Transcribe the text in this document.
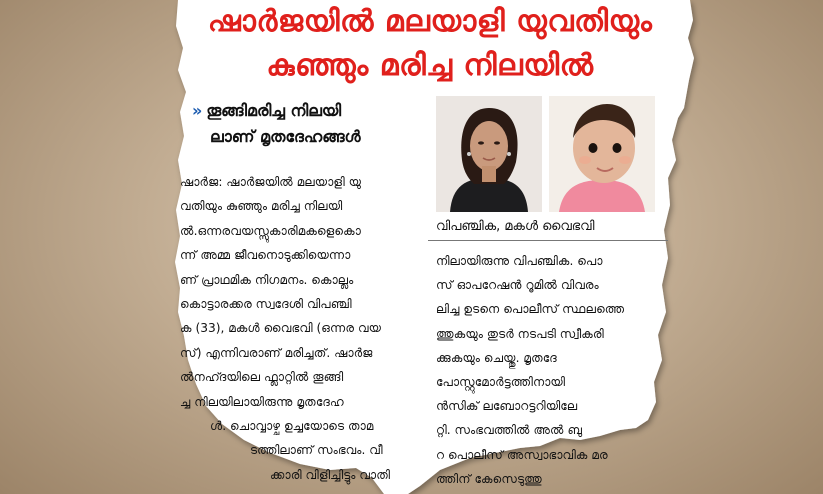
ഷാർജയിൽ മലയാളി യുവതിയും
കുഞ്ഞും മരിച്ച നിലയിൽ
» തൂങ്ങിമരിച്ച നിലയി
ലാണ് മൃതദേഹങ്ങൾ
ഷാർജ: ഷാർജയിൽ മലയാളി യു
വതിയും കുഞ്ഞും മരിച്ച നിലയി
ൽ.ഒന്നരവയസ്സുകാരിമകളെകൊ
ന്ന് അമ്മ ജീവനൊടുക്കിയെന്നാ
ണ് പ്രാഥമിക നിഗമനം. കൊല്ലം
കൊട്ടാരക്കര സ്വദേശി വിപഞ്ചി
ക (33), മകൾ വൈഭവി (ഒന്നര വയ
സ്) എന്നിവരാണ് മരിച്ചത്. ഷാർജ
ൽനഹ്ദയിലെ ഫ്ലാറ്റിൽ തൂങ്ങി
ച്ച നിലയിലായിരുന്നു മൃതദേഹ
ൾ. ചൊവ്വാഴ്ച ഉച്ചയോടെ താമ
ടത്തിലാണ് സംഭവം. വീ
ക്കാരി വിളിച്ചിട്ടും വാതി
വിപഞ്ചിക, മകൾ വൈഭവി
നിലായിരുന്നു വിപഞ്ചിക. പൊ
സ് ഓപറേഷൻ റൂമിൽ വിവരം
ലിച്ച ഉടനെ പൊലീസ് സ്ഥലത്തെ
ത്തുകയും തുടർ നടപടി സ്വീകരി
ക്കുകയും ചെയ്തു. മൃതദേ
പോസ്റ്റുമോർട്ടത്തിനായി
ൻസിക് ലബോറട്ടറിയിലേ
റ്റി. സംഭവത്തിൽ അൽ ബു
റ പൊലീസ് അസ്വാഭാവിക മര
ത്തിന് കേസെടുത്തു
